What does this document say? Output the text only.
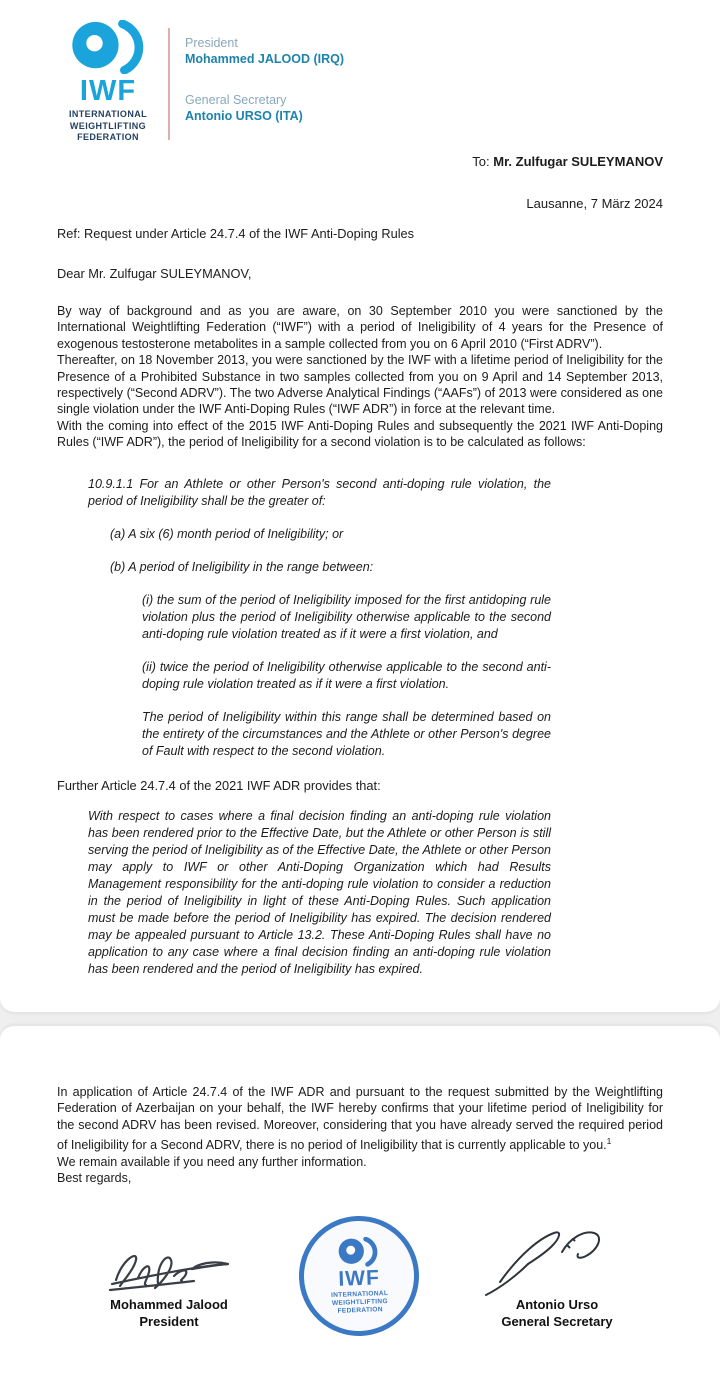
IWF
INTERNATIONAL
WEIGHTLIFTING
FEDERATION
President
Mohammed JALOOD (IRQ)
General Secretary
Antonio URSO (ITA)
To: Mr. Zulfugar SULEYMANOV
Lausanne, 7 März 2024
Ref: Request under Article 24.7.4 of the IWF Anti-Doping Rules
Dear Mr. Zulfugar SULEYMANOV,

By way of background and as you are aware, on 30 September 2010 you were sanctioned by the International Weightlifting Federation (“IWF”) with a period of Ineligibility of 4 years for the Presence of exogenous testosterone metabolites in a sample collected from you on 6 April 2010 (“First ADRV”).

Thereafter, on 18 November 2013, you were sanctioned by the IWF with a lifetime period of Ineligibility for the Presence of a Prohibited Substance in two samples collected from you on 9 April and 14 September 2013, respectively (“Second ADRV”). The two Adverse Analytical Findings (“AAFs”) of 2013 were considered as one single violation under the IWF Anti-Doping Rules (“IWF ADR”) in force at the relevant time.

With the coming into effect of the 2015 IWF Anti-Doping Rules and subsequently the 2021 IWF Anti-Doping Rules (“IWF ADR”), the period of Ineligibility for a second violation is to be calculated as follows:

10.9.1.1 For an Athlete or other Person's second anti-doping rule violation, the period of Ineligibility shall be the greater of:

(a) A six (6) month period of Ineligibility; or

(b) A period of Ineligibility in the range between:

(i) the sum of the period of Ineligibility imposed for the first antidoping rule violation plus the period of Ineligibility otherwise applicable to the second anti-doping rule violation treated as if it were a first violation, and

(ii) twice the period of Ineligibility otherwise applicable to the second anti-doping rule violation treated as if it were a first violation.

The period of Ineligibility within this range shall be determined based on the entirety of the circumstances and the Athlete or other Person's degree of Fault with respect to the second violation.

Further Article 24.7.4 of the 2021 IWF ADR provides that:

With respect to cases where a final decision finding an anti-doping rule violation has been rendered prior to the Effective Date, but the Athlete or other Person is still serving the period of Ineligibility as of the Effective Date, the Athlete or other Person may apply to IWF or other Anti-Doping Organization which had Results Management responsibility for the anti-doping rule violation to consider a reduction in the period of Ineligibility in light of these Anti-Doping Rules. Such application must be made before the period of Ineligibility has expired. The decision rendered may be appealed pursuant to Article 13.2. These Anti-Doping Rules shall have no application to any case where a final decision finding an anti-doping rule violation has been rendered and the period of Ineligibility has expired.

In application of Article 24.7.4 of the IWF ADR and pursuant to the request submitted by the Weightlifting Federation of Azerbaijan on your behalf, the IWF hereby confirms that your lifetime period of Ineligibility for the second ADRV has been revised. Moreover, considering that you have already served the required period of Ineligibility for a Second ADRV, there is no period of Ineligibility that is currently applicable to you.$^1$

We remain available if you need any further information.

Best regards,

Mohammed Jalood
President
IWF
INTERNATIONAL
WEIGHTLIFTING
FEDERATION	Antonio Urso
General Secretary
